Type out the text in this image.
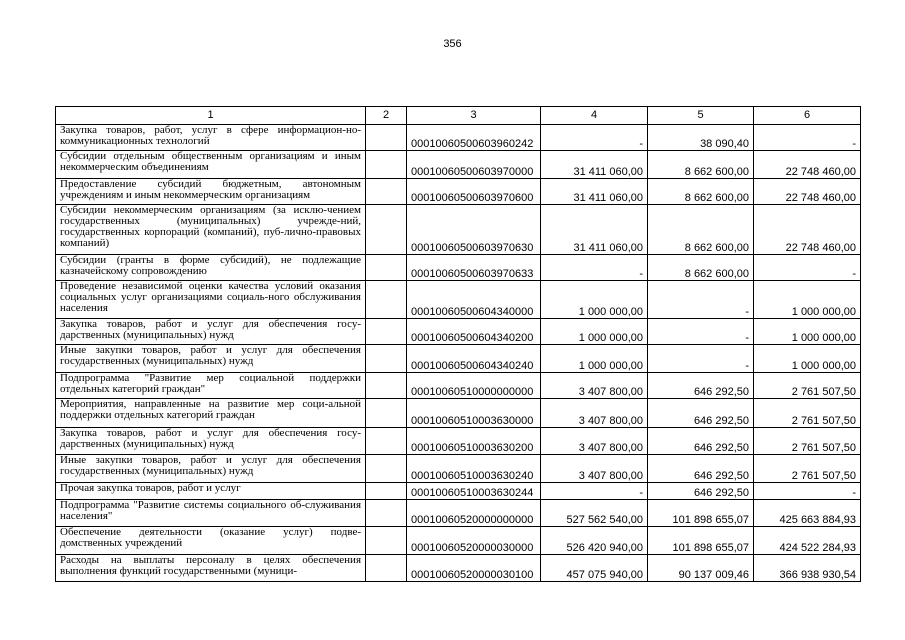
356
1	2	3	4	5	6
Закупка товаров, работ, услуг в сфере информацион-но-коммуникационных технологий		00010060500603960242	-	38 090,40	-
Субсидии отдельным общественным организациям и иным некоммерческим объединениям		00010060500603970000	31 411 060,00	8 662 600,00	22 748 460,00
Предоставление субсидий бюджетным, автономным учреждениям и иным некоммерческим организациям		00010060500603970600	31 411 060,00	8 662 600,00	22 748 460,00
Субсидии некоммерческим организациям (за исклю-чением государственных (муниципальных) учрежде-ний, государственных корпораций (компаний), пуб-лично-правовых компаний)		00010060500603970630	31 411 060,00	8 662 600,00	22 748 460,00
Субсидии (гранты в форме субсидий), не подлежащие казначейскому сопровождению		00010060500603970633	-	8 662 600,00	-
Проведение независимой оценки качества условий оказания социальных услуг организациями социаль-ного обслуживания населения		00010060500604340000	1 000 000,00	-	1 000 000,00
Закупка товаров, работ и услуг для обеспечения госу-дарственных (муниципальных) нужд		00010060500604340200	1 000 000,00	-	1 000 000,00
Иные закупки товаров, работ и услуг для обеспечения государственных (муниципальных) нужд		00010060500604340240	1 000 000,00	-	1 000 000,00
Подпрограмма "Развитие мер социальной поддержки отдельных категорий граждан"		00010060510000000000	3 407 800,00	646 292,50	2 761 507,50
Мероприятия, направленные на развитие мер соци-альной поддержки отдельных категорий граждан		00010060510003630000	3 407 800,00	646 292,50	2 761 507,50
Закупка товаров, работ и услуг для обеспечения госу-дарственных (муниципальных) нужд		00010060510003630200	3 407 800,00	646 292,50	2 761 507,50
Иные закупки товаров, работ и услуг для обеспечения государственных (муниципальных) нужд		00010060510003630240	3 407 800,00	646 292,50	2 761 507,50
Прочая закупка товаров, работ и услуг		00010060510003630244	-	646 292,50	-
Подпрограмма "Развитие системы социального об-служивания населения"		00010060520000000000	527 562 540,00	101 898 655,07	425 663 884,93
Обеспечение деятельности (оказание услуг) подве-домственных учреждений		00010060520000030000	526 420 940,00	101 898 655,07	424 522 284,93
Расходы на выплаты персоналу в целях обеспечения выполнения функций государственными (муници-		00010060520000030100	457 075 940,00	90 137 009,46	366 938 930,54
